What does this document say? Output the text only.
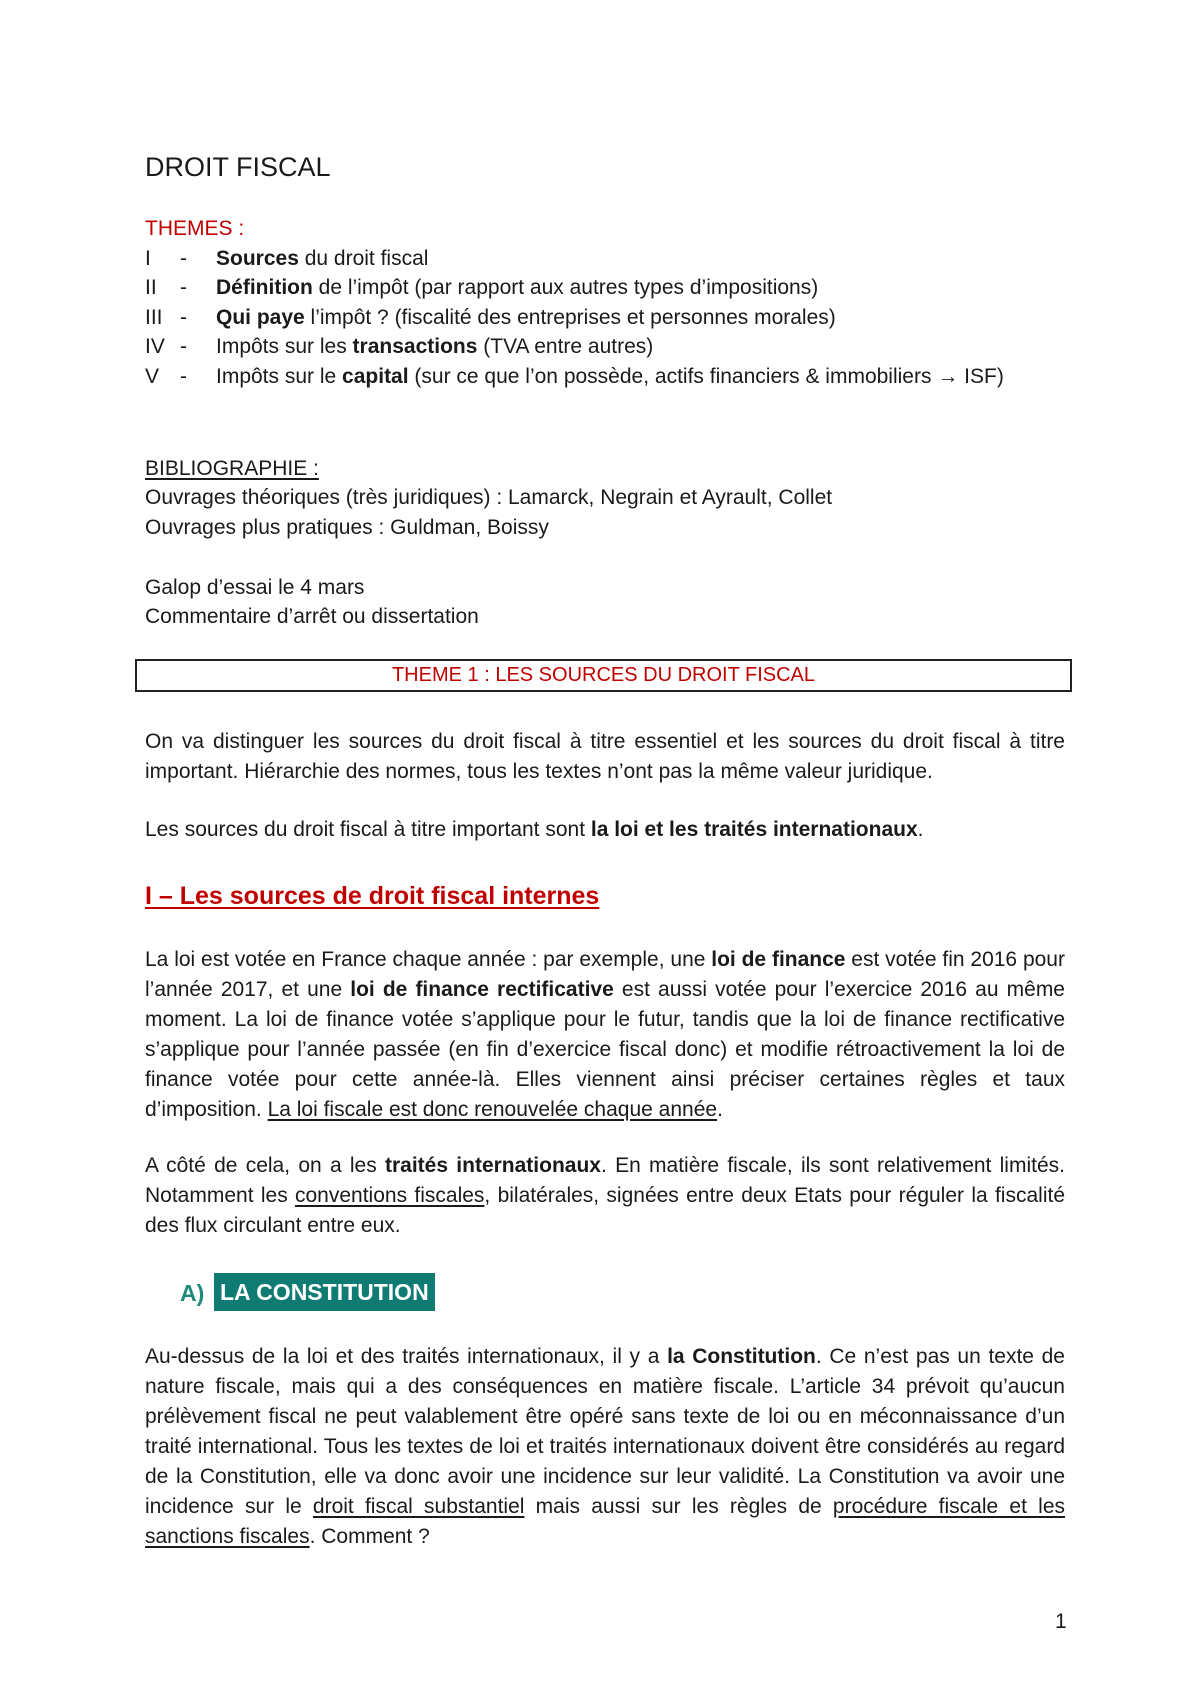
DROIT FISCAL
THEMES :
I	- Sources du droit fiscal
II	- Définition de l’impôt (par rapport aux autres types d’impositions)
III - Qui paye l’impôt ? (fiscalité des entreprises et personnes morales)
IV - Impôts sur les transactions (TVA entre autres)
V - Impôts sur le capital (sur ce que l’on possède, actifs financiers & immobiliers → ISF)
BIBLIOGRAPHIE :
Ouvrages théoriques (très juridiques) : Lamarck, Negrain et Ayrault, Collet
Ouvrages plus pratiques : Guldman, Boissy
Galop d’essai le 4 mars
Commentaire d’arrêt ou dissertation
THEME 1 : LES SOURCES DU DROIT FISCAL
On va distinguer les sources du droit fiscal à titre essentiel et les sources du droit fiscal à titre important. Hiérarchie des normes, tous les textes n’ont pas la même valeur juridique.
Les sources du droit fiscal à titre important sont la loi et les traités internationaux.
I – Les sources de droit fiscal internes
La loi est votée en France chaque année : par exemple, une loi de finance est votée fin 2016 pour l’année 2017, et une loi de finance rectificative est aussi votée pour l’exercice 2016 au même moment. La loi de finance votée s’applique pour le futur, tandis que la loi de finance rectificative s’applique pour l’année passée (en fin d’exercice fiscal donc) et modifie rétroactivement la loi de finance votée pour cette année-là. Elles viennent ainsi préciser certaines règles et taux d’imposition. La loi fiscale est donc renouvelée chaque année.
A côté de cela, on a les traités internationaux. En matière fiscale, ils sont relativement limités. Notamment les conventions fiscales, bilatérales, signées entre deux Etats pour réguler la fiscalité des flux circulant entre eux.
A) LA CONSTITUTION
Au-dessus de la loi et des traités internationaux, il y a la Constitution. Ce n’est pas un texte de nature fiscale, mais qui a des conséquences en matière fiscale. L’article 34 prévoit qu’aucun prélèvement fiscal ne peut valablement être opéré sans texte de loi ou en méconnaissance d’un traité international. Tous les textes de loi et traités internationaux doivent être considérés au regard de la Constitution, elle va donc avoir une incidence sur leur validité. La Constitution va avoir une incidence sur le droit fiscal substantiel mais aussi sur les règles de procédure fiscale et les sanctions fiscales. Comment ?
1
